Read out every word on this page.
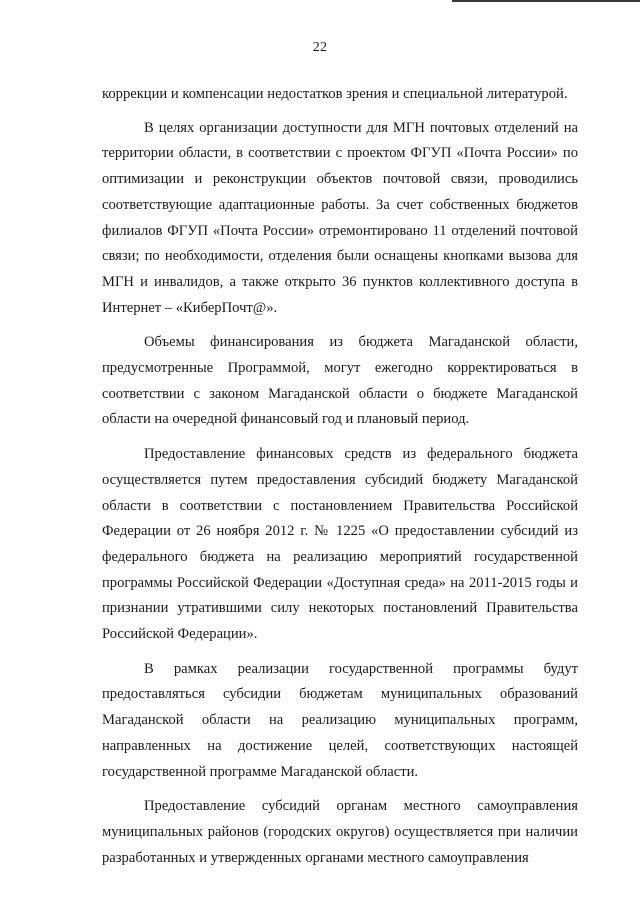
22

коррекции и компенсации недостатков зрения и специальной литературой.

В целях организации доступности для МГН почтовых отделений на территории области, в соответствии с проектом ФГУП «Почта России» по оптимизации и реконструкции объектов почтовой связи, проводились соответствующие адаптационные работы. За счет собственных бюджетов филиалов ФГУП «Почта России» отремонтировано 11 отделений почтовой связи; по необходимости, отделения были оснащены кнопками вызова для МГН и инвалидов, а также открыто 36 пунктов коллективного доступа в Интернет – «КиберПочт@».

Объемы финансирования из бюджета Магаданской области, предусмотренные Программой, могут ежегодно корректироваться в соответствии с законом Магаданской области о бюджете Магаданской области на очередной финансовый год и плановый период.

Предоставление финансовых средств из федерального бюджета осуществляется путем предоставления субсидий бюджету Магаданской области в соответствии с постановлением Правительства Российской Федерации от 26 ноября 2012 г. № 1225 «О предоставлении субсидий из федерального бюджета на реализацию мероприятий государственной программы Российской Федерации «Доступная среда» на 2011-2015 годы и признании утратившими силу некоторых постановлений Правительства Российской Федерации».

В рамках реализации государственной программы будут предоставляться субсидии бюджетам муниципальных образований Магаданской области на реализацию муниципальных программ, направленных на достижение целей, соответствующих настоящей государственной программе Магаданской области.

Предоставление субсидий органам местного самоуправления муниципальных районов (городских округов) осуществляется при наличии разработанных и утвержденных органами местного самоуправления
